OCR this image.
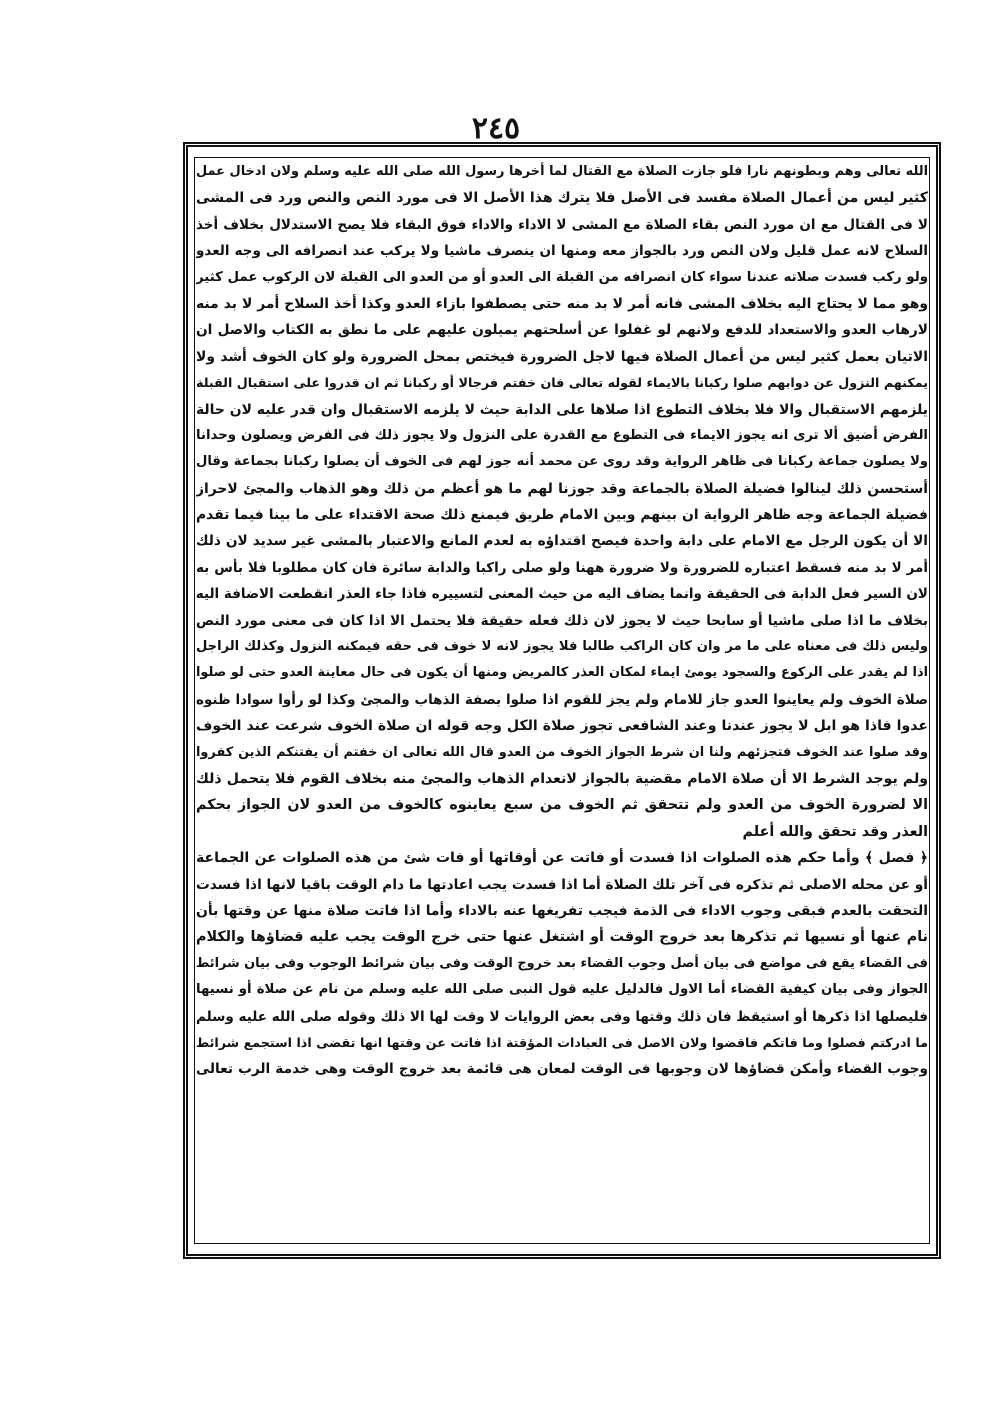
٢٤٥
الله تعالى وهم وبطونهم نارا فلو جازت الصلاة مع القتال لما أخرها رسول الله صلى الله عليه وسلم ولان ادخال عمل
كثير ليس من أعمال الصلاة مفسد فى الأصل فلا يترك هذا الأصل الا فى مورد النص والنص ورد فى المشى
لا فى القتال مع ان مورد النص بقاء الصلاة مع المشى لا الاداء والاداء فوق البقاء فلا يصح الاستدلال بخلاف أخذ
السلاح لانه عمل قليل ولان النص ورد بالجواز معه ومنها ان ينصرف ماشيا ولا يركب عند انصرافه الى وجه العدو
ولو ركب فسدت صلاته عندنا سواء كان انصرافه من القبلة الى العدو أو من العدو الى القبلة لان الركوب عمل كثير
وهو مما لا يحتاج اليه بخلاف المشى فانه أمر لا بد منه حتى يصطفوا بازاء العدو وكذا أخذ السلاح أمر لا بد منه
لارهاب العدو والاستعداد للدفع ولانهم لو غفلوا عن أسلحتهم يميلون عليهم على ما نطق به الكتاب والاصل ان
الاتيان بعمل كثير ليس من أعمال الصلاة فيها لاجل الضرورة فيختص بمحل الضرورة ولو كان الخوف أشد ولا
يمكنهم النزول عن دوابهم صلوا ركبانا بالايماء لقوله تعالى فان خفتم فرجالا أو ركبانا ثم ان قدروا على استقبال القبلة
يلزمهم الاستقبال والا فلا بخلاف التطوع اذا صلاها على الدابة حيث لا يلزمه الاستقبال وان قدر عليه لان حالة
الفرض أضيق ألا ترى انه يجوز الايماء فى التطوع مع القدرة على النزول ولا يجوز ذلك فى الفرض ويصلون وحدانا
ولا يصلون جماعة ركبانا فى ظاهر الرواية وقد روى عن محمد أنه جوز لهم فى الخوف أن يصلوا ركبانا بجماعة وقال
أستحسن ذلك لينالوا فضيلة الصلاة بالجماعة وقد جوزنا لهم ما هو أعظم من ذلك وهو الذهاب والمجئ لاحراز
فضيلة الجماعة وجه ظاهر الرواية ان بينهم وبين الامام طريق فيمنع ذلك صحة الاقتداء على ما بينا فيما تقدم
الا أن يكون الرجل مع الامام على دابة واحدة فيصح اقتداؤه به لعدم المانع والاعتبار بالمشى غير سديد لان ذلك
أمر لا بد منه فسقط اعتباره للضرورة ولا ضرورة ههنا ولو صلى راكبا والدابة سائرة فان كان مطلوبا فلا بأس به
لان السير فعل الدابة فى الحقيقة وانما يضاف اليه من حيث المعنى لتسييره فاذا جاء العذر انقطعت الاضافة اليه
بخلاف ما اذا صلى ماشيا أو سابحا حيث لا يجوز لان ذلك فعله حقيقة فلا يحتمل الا اذا كان فى معنى مورد النص
وليس ذلك فى معناه على ما مر وان كان الراكب طالبا فلا يجوز لانه لا خوف فى حقه فيمكنه النزول وكذلك الراجل
اذا لم يقدر على الركوع والسجود يومئ ايماء لمكان العذر كالمريض ومنها أن يكون فى حال معاينة العدو حتى لو صلوا
صلاة الخوف ولم يعاينوا العدو جاز للامام ولم يجز للقوم اذا صلوا بصفة الذهاب والمجئ وكذا لو رأوا سوادا ظنوه
عدوا فاذا هو ابل لا يجوز عندنا وعند الشافعى تجوز صلاة الكل وجه قوله ان صلاة الخوف شرعت عند الخوف
وقد صلوا عند الخوف فتجزئهم ولنا ان شرط الجواز الخوف من العدو قال الله تعالى ان خفتم أن يفتنكم الذين كفروا
ولم يوجد الشرط الا أن صلاة الامام مقضية بالجواز لانعدام الذهاب والمجئ منه بخلاف القوم فلا يتحمل ذلك
الا لضرورة الخوف من العدو ولم تتحقق ثم الخوف من سبع يعاينوه كالخوف من العدو لان الجواز بحكم
العذر وقد تحقق والله أعلم
﴿ فصل ﴾ وأما حكم هذه الصلوات اذا فسدت أو فاتت عن أوقاتها أو فات شئ من هذه الصلوات عن الجماعة
أو عن محله الاصلى ثم تذكره فى آخر تلك الصلاة أما اذا فسدت يجب اعادتها ما دام الوقت باقيا لانها اذا فسدت
التحقت بالعدم فبقى وجوب الاداء فى الذمة فيجب تفريغها عنه بالاداء وأما اذا فاتت صلاة منها عن وقتها بأن
نام عنها أو نسيها ثم تذكرها بعد خروج الوقت أو اشتغل عنها حتى خرج الوقت يجب عليه قضاؤها والكلام
فى القضاء يقع فى مواضع فى بيان أصل وجوب القضاء بعد خروج الوقت وفى بيان شرائط الوجوب وفى بيان شرائط
الجواز وفى بيان كيفية القضاء أما الاول فالدليل عليه قول النبى صلى الله عليه وسلم من نام عن صلاة أو نسيها
فليصلها اذا ذكرها أو استيقظ فان ذلك وقتها وفى بعض الروايات لا وقت لها الا ذلك وقوله صلى الله عليه وسلم
ما ادركتم فصلوا وما فاتكم فاقضوا ولان الاصل فى العبادات المؤقتة اذا فاتت عن وقتها انها تقضى اذا استجمع شرائط
وجوب القضاء وأمكن قضاؤها لان وجوبها فى الوقت لمعان هى قائمة بعد خروج الوقت وهى خدمة الرب تعالى
